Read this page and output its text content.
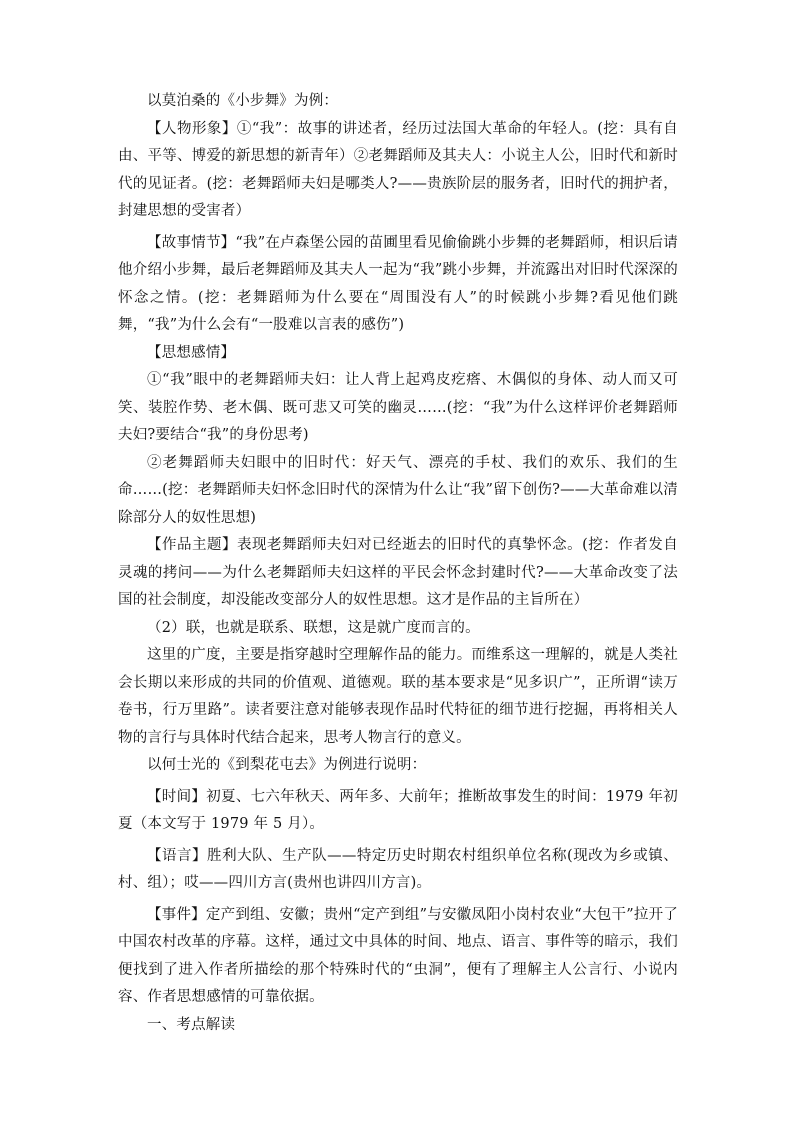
以莫泊桑的《小步舞》为例：

【人物形象】①“我”：故事的讲述者，经历过法国大革命的年轻人。(挖：具有自由、平等、博爱的新思想的新青年）②老舞蹈师及其夫人：小说主人公，旧时代和新时代的见证者。(挖：老舞蹈师夫妇是哪类人?——贵族阶层的服务者，旧时代的拥护者，封建思想的受害者）

【故事情节】“我”在卢森堡公园的苗圃里看见偷偷跳小步舞的老舞蹈师，相识后请他介绍小步舞，最后老舞蹈师及其夫人一起为“我”跳小步舞，并流露出对旧时代深深的怀念之情。(挖：老舞蹈师为什么要在“周围没有人”的时候跳小步舞?看见他们跳舞，“我”为什么会有“一股难以言表的感伤”)

【思想感情】

①“我”眼中的老舞蹈师夫妇：让人背上起鸡皮疙瘩、木偶似的身体、动人而又可笑、装腔作势、老木偶、既可悲又可笑的幽灵……(挖：“我”为什么这样评价老舞蹈师夫妇?要结合“我”的身份思考)

②老舞蹈师夫妇眼中的旧时代：好天气、漂亮的手杖、我们的欢乐、我们的生命……(挖：老舞蹈师夫妇怀念旧时代的深情为什么让“我”留下创伤?——大革命难以清除部分人的奴性思想)

【作品主题】表现老舞蹈师夫妇对已经逝去的旧时代的真挚怀念。(挖：作者发自灵魂的拷问——为什么老舞蹈师夫妇这样的平民会怀念封建时代?——大革命改变了法国的社会制度，却没能改变部分人的奴性思想。这才是作品的主旨所在）

（2）联，也就是联系、联想，这是就广度而言的。

这里的广度，主要是指穿越时空理解作品的能力。而维系这一理解的，就是人类社会长期以来形成的共同的价值观、道德观。联的基本要求是“见多识广”，正所谓“读万卷书，行万里路”。读者要注意对能够表现作品时代特征的细节进行挖掘，再将相关人物的言行与具体时代结合起来，思考人物言行的意义。

以何士光的《到梨花屯去》为例进行说明：

【时间】初夏、七六年秋天、两年多、大前年；推断故事发生的时间：1979 年初夏（本文写于 1979 年 5 月）。

【语言】胜利大队、生产队——特定历史时期农村组织单位名称(现改为乡或镇、村、组）；哎——四川方言(贵州也讲四川方言)。

【事件】定产到组、安徽；贵州“定产到组”与安徽凤阳小岗村农业“大包干”拉开了中国农村改革的序幕。这样，通过文中具体的时间、地点、语言、事件等的暗示，我们便找到了进入作者所描绘的那个特殊时代的“虫洞”，便有了理解主人公言行、小说内容、作者思想感情的可靠依据。

一、考点解读
